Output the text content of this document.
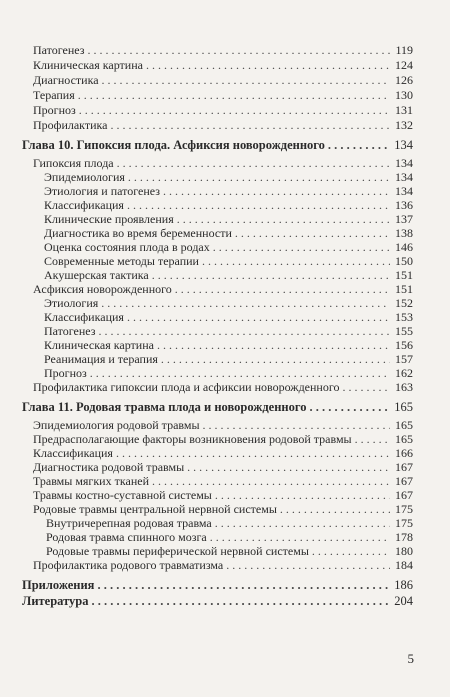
Патогенез . . .	119
Клиническая картина . . .	124
Диагностика . . .	126
Терапия . . .	130
Прогноз . . .	131
Профилактика . . .	132
Глава 10. Гипоксия плода. Асфиксия новорожденного . . .	134
Гипоксия плода . . .	134
Эпидемиология . . .	134
Этиология и патогенез . . .	134
Классификация . . .	136
Клинические проявления . . .	137
Диагностика во время беременности . . .	138
Оценка состояния плода в родах . . .	146
Современные методы терапии . . .	150
Акушерская тактика . . .	151
Асфиксия новорожденного . . .	151
Этиология . . .	152
Классификация . . .	153
Патогенез . . .	155
Клиническая картина . . .	156
Реанимация и терапия . . .	157
Прогноз . . .	162
Профилактика гипоксии плода и асфиксии новорожденного . . .	163
Глава 11. Родовая травма плода и новорожденного . . .	165
Эпидемиология родовой травмы . . .	165
Предрасполагающие факторы возникновения родовой травмы . . .	165
Классификация . . .	166
Диагностика родовой травмы . . .	167
Травмы мягких тканей . . .	167
Травмы костно-суставной системы . . .	167
Родовые травмы центральной нервной системы . . .	175
Внутричерепная родовая травма . . .	175
Родовая травма спинного мозга . . .	178
Родовые травмы периферической нервной системы . . .	180
Профилактика родового травматизма . . .	184
Приложения . . .	186
Литература . . .	204
5
